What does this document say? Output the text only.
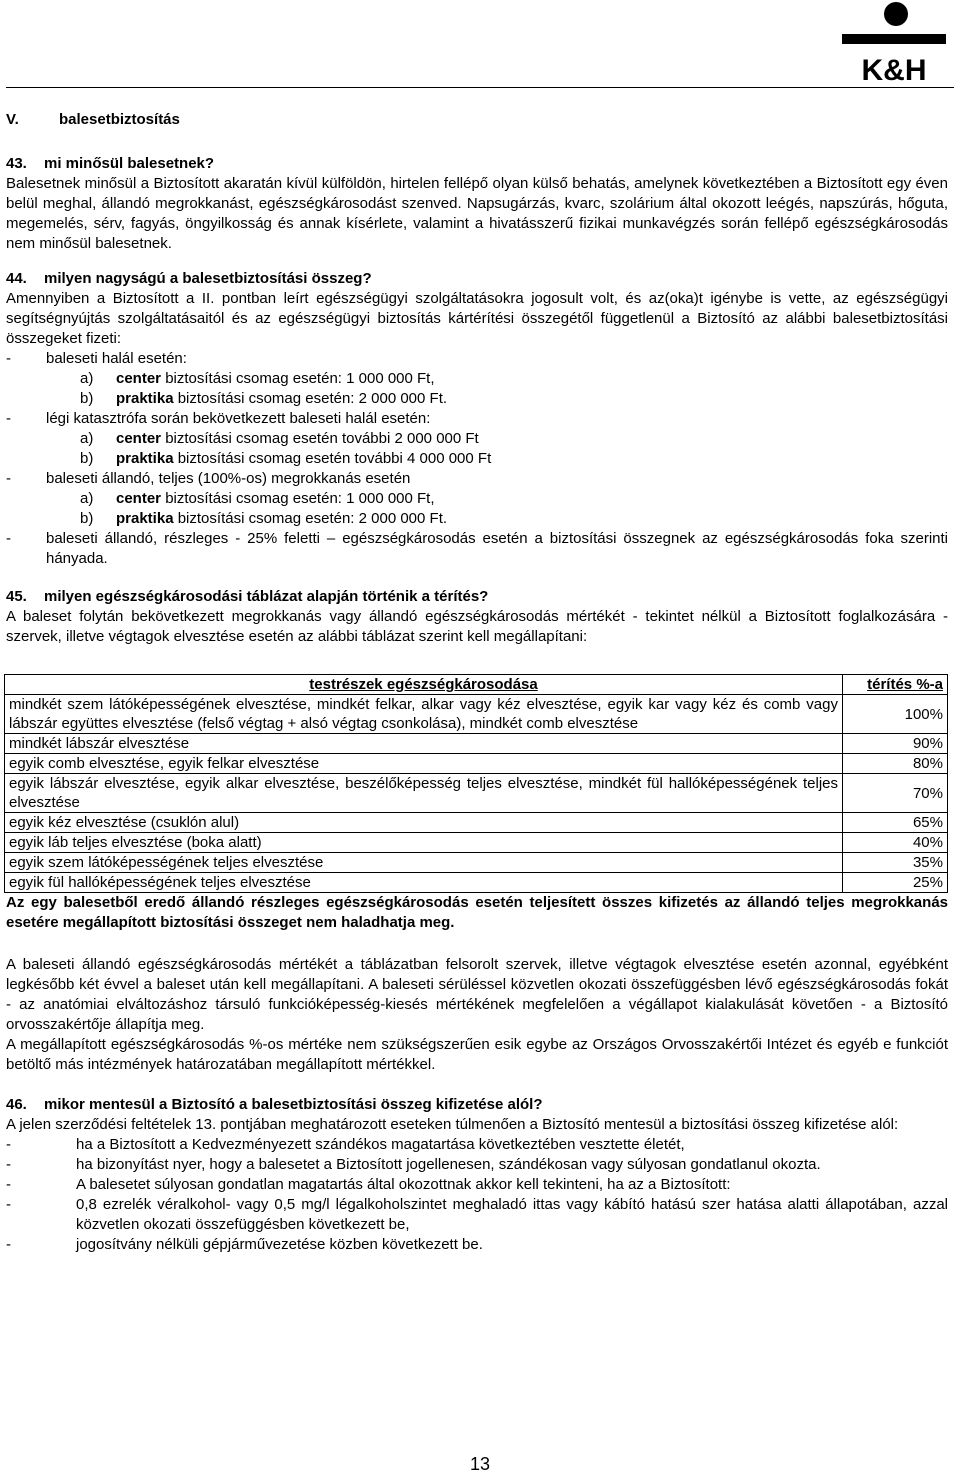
K&H
V.	balesetbiztosítás
43. mi minősül balesetnek?

Balesetnek minősül a Biztosított akaratán kívül külföldön, hirtelen fellépő olyan külső behatás, amelynek következtében a Biztosított egy éven belül meghal, állandó megrokkanást, egészségkárosodást szenved. Napsugárzás, kvarc, szolárium által okozott leégés, napszúrás, hőguta, megemelés, sérv, fagyás, öngyilkosság és annak kísérlete, valamint a hivatásszerű fizikai munkavégzés során fellépő egészségkárosodás nem minősül balesetnek.

44. milyen nagyságú a balesetbiztosítási összeg?

Amennyiben a Biztosított a II. pontban leírt egészségügyi szolgáltatásokra jogosult volt, és az(oka)t igénybe is vette, az egészségügyi segítségnyújtás szolgáltatásaitól és az egészségügyi biztosítás kártérítési összegétől függetlenül a Biztosító az alábbi balesetbiztosítási összegeket fizeti:

- baleseti halál esetén:
a) center biztosítási csomag esetén: 1 000 000 Ft,
b) praktika biztosítási csomag esetén: 2 000 000 Ft.
- légi katasztrófa során bekövetkezett baleseti halál esetén:
a) center biztosítási csomag esetén további 2 000 000 Ft
b) praktika biztosítási csomag esetén további 4 000 000 Ft
- baleseti állandó, teljes (100%-os) megrokkanás esetén
a) center biztosítási csomag esetén: 1 000 000 Ft,
b) praktika biztosítási csomag esetén: 2 000 000 Ft.
- baleseti állandó, részleges - 25% feletti – egészségkárosodás esetén a biztosítási összegnek az egészségkárosodás foka szerinti hányada.
45. milyen egészségkárosodási táblázat alapján történik a térítés?

A baleset folytán bekövetkezett megrokkanás vagy állandó egészségkárosodás mértékét - tekintet nélkül a Biztosított foglalkozására - szervek, illetve végtagok elvesztése esetén az alábbi táblázat szerint kell megállapítani:

testrészek egészségkárosodása	térítés %-a
mindkét szem látóképességének elvesztése, mindkét felkar, alkar vagy kéz elvesztése, egyik kar vagy kéz és comb vagy lábszár együttes elvesztése (felső végtag + alsó végtag csonkolása), mindkét comb elvesztése	100%
mindkét lábszár elvesztése	90%
egyik comb elvesztése, egyik felkar elvesztése	80%
egyik lábszár elvesztése, egyik alkar elvesztése, beszélőképesség teljes elvesztése, mindkét fül hallóképességének teljes elvesztése	70%
egyik kéz elvesztése (csuklón alul)	65%
egyik láb teljes elvesztése (boka alatt)	40%
egyik szem látóképességének teljes elvesztése	35%
egyik fül hallóképességének teljes elvesztése	25%

Az egy balesetből eredő állandó részleges egészségkárosodás esetén teljesített összes kifizetés az állandó teljes megrokkanás esetére megállapított biztosítási összeget nem haladhatja meg.

A baleseti állandó egészségkárosodás mértékét a táblázatban felsorolt szervek, illetve végtagok elvesztése esetén azonnal, egyébként legkésőbb két évvel a baleset után kell megállapítani. A baleseti sérüléssel közvetlen okozati összefüggésben lévő egészségkárosodás fokát - az anatómiai elváltozáshoz társuló funkcióképesség-kiesés mértékének megfelelően a végállapot kialakulását követően - a Biztosító orvosszakértője állapítja meg.

A megállapított egészségkárosodás %-os mértéke nem szükségszerűen esik egybe az Országos Orvosszakértői Intézet és egyéb e funkciót betöltő más intézmények határozatában megállapított mértékkel.

46. mikor mentesül a Biztosító a balesetbiztosítási összeg kifizetése alól?

A jelen szerződési feltételek 13. pontjában meghatározott eseteken túlmenően a Biztosító mentesül a biztosítási összeg kifizetése alól:

-	ha a Biztosított a Kedvezményezett szándékos magatartása következtében vesztette életét,
-	ha bizonyítást nyer, hogy a balesetet a Biztosított jogellenesen, szándékosan vagy súlyosan gondatlanul okozta.
-	A balesetet súlyosan gondatlan magatartás által okozottnak akkor kell tekinteni, ha az a Biztosított:
-	0,8 ezrelék véralkohol- vagy 0,5 mg/l légalkoholszintet meghaladó ittas vagy kábító hatású szer hatása alatti állapotában, azzal közvetlen okozati összefüggésben következett be,
-	jogosítvány nélküli gépjárművezetése közben következett be.
13
